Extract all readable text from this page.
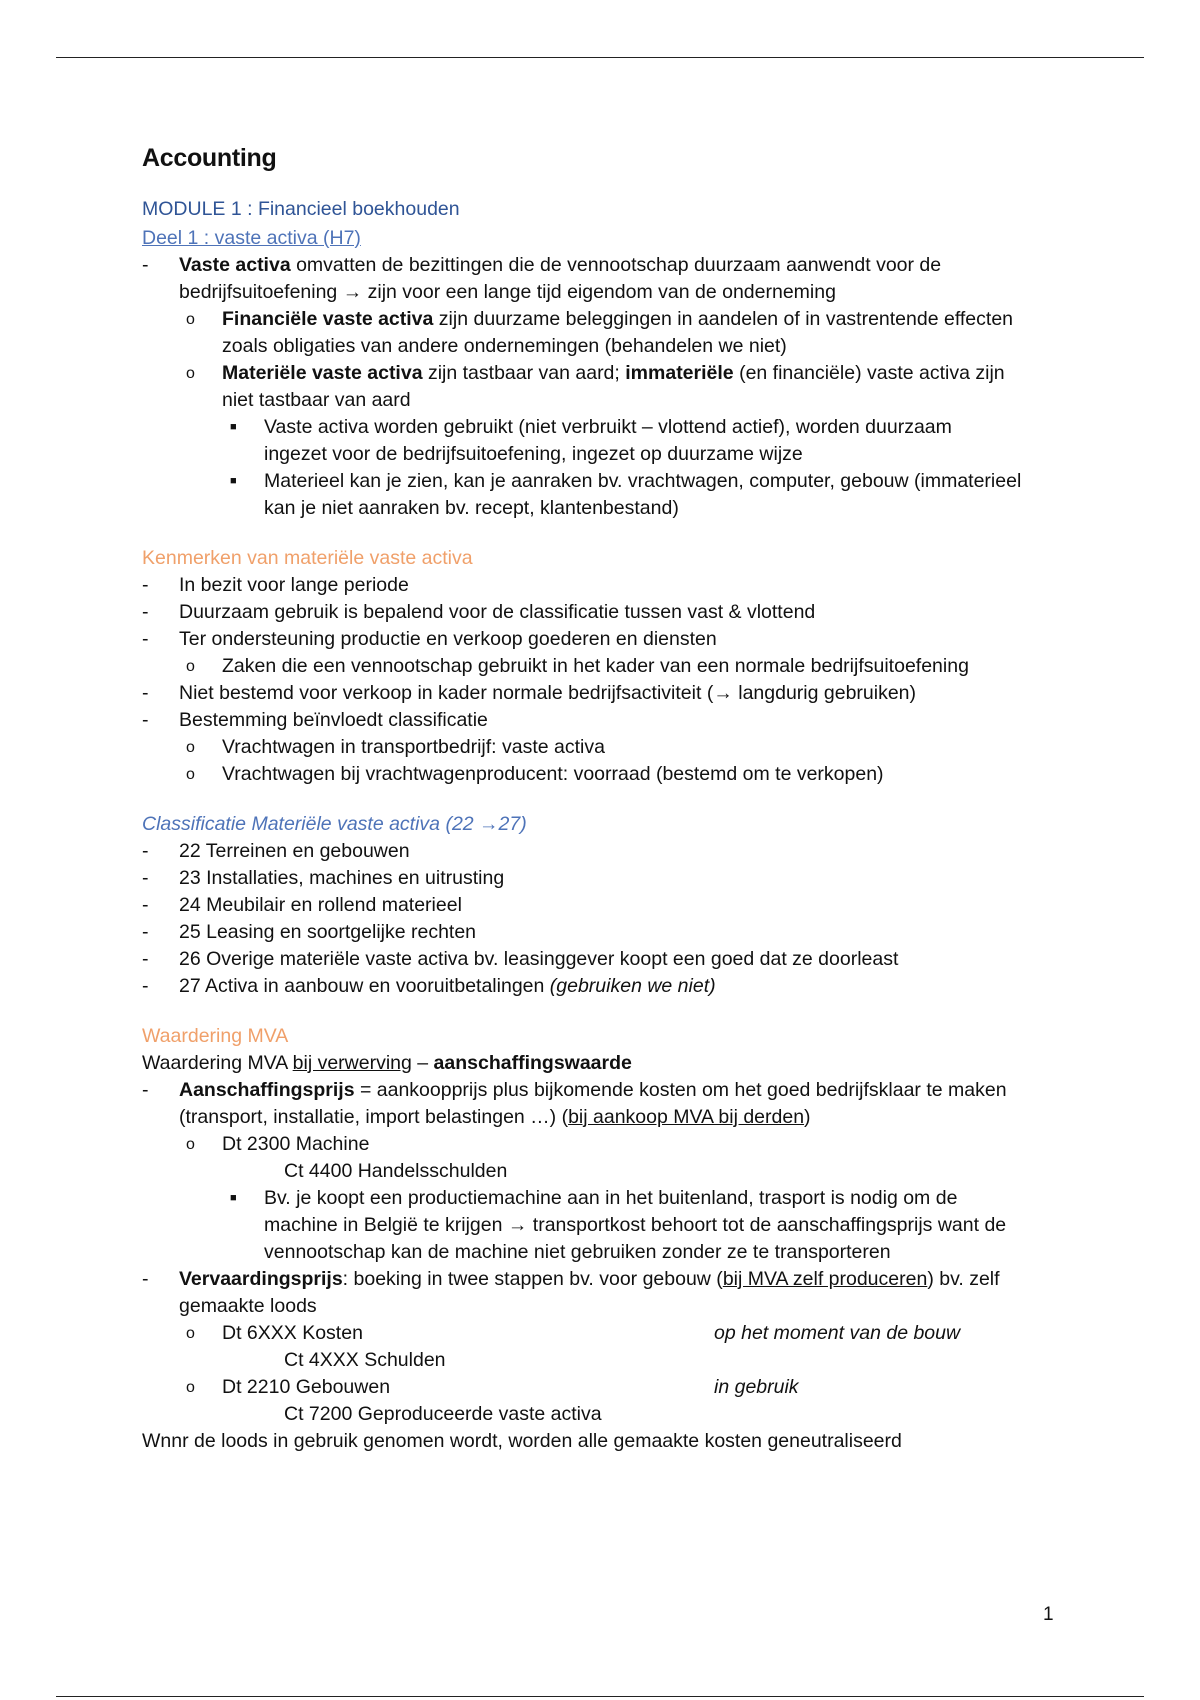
Accounting
MODULE 1 : Financieel boekhouden
Deel 1 : vaste activa (H7)
- Vaste activa omvatten de bezittingen die de vennootschap duurzaam aanwendt voor de
bedrijfsuitoefening → zijn voor een lange tijd eigendom van de onderneming
o Financiële vaste activa zijn duurzame beleggingen in aandelen of in vastrentende effecten
zoals obligaties van andere ondernemingen (behandelen we niet)
o Materiële vaste activa zijn tastbaar van aard; immateriële (en financiële) vaste activa zijn
niet tastbaar van aard
■ Vaste activa worden gebruikt (niet verbruikt – vlottend actief), worden duurzaam
ingezet voor de bedrijfsuitoefening, ingezet op duurzame wijze
■ Materieel kan je zien, kan je aanraken bv. vrachtwagen, computer, gebouw (immaterieel
kan je niet aanraken bv. recept, klantenbestand)
Kenmerken van materiële vaste activa
- In bezit voor lange periode
- Duurzaam gebruik is bepalend voor de classificatie tussen vast & vlottend
- Ter ondersteuning productie en verkoop goederen en diensten
o Zaken die een vennootschap gebruikt in het kader van een normale bedrijfsuitoefening
- Niet bestemd voor verkoop in kader normale bedrijfsactiviteit (→ langdurig gebruiken)
- Bestemming beïnvloedt classificatie
o Vrachtwagen in transportbedrijf: vaste activa
o Vrachtwagen bij vrachtwagenproducent: voorraad (bestemd om te verkopen)
Classificatie Materiële vaste activa (22 →27)
- 22 Terreinen en gebouwen
- 23 Installaties, machines en uitrusting
- 24 Meubilair en rollend materieel
- 25 Leasing en soortgelijke rechten
- 26 Overige materiële vaste activa bv. leasinggever koopt een goed dat ze doorleast
- 27 Activa in aanbouw en vooruitbetalingen (gebruiken we niet)
Waardering MVA
Waardering MVA bij verwerving – aanschaffingswaarde
- Aanschaffingsprijs = aankoopprijs plus bijkomende kosten om het goed bedrijfsklaar te maken
(transport, installatie, import belastingen …) (bij aankoop MVA bij derden)
o Dt 2300 Machine
Ct 4400 Handelsschulden
■ Bv. je koopt een productiemachine aan in het buitenland, trasport is nodig om de
machine in België te krijgen → transportkost behoort tot de aanschaffingsprijs want de
vennootschap kan de machine niet gebruiken zonder ze te transporteren
- Vervaardingsprijs: boeking in twee stappen bv. voor gebouw (bij MVA zelf produceren) bv. zelf
gemaakte loods
o Dt 6XXX Kosten	op het moment van de bouw
Ct 4XXX Schulden
o Dt 2210 Gebouwen	in gebruik
Ct 7200 Geproduceerde vaste activa
Wnnr de loods in gebruik genomen wordt, worden alle gemaakte kosten geneutraliseerd
1
